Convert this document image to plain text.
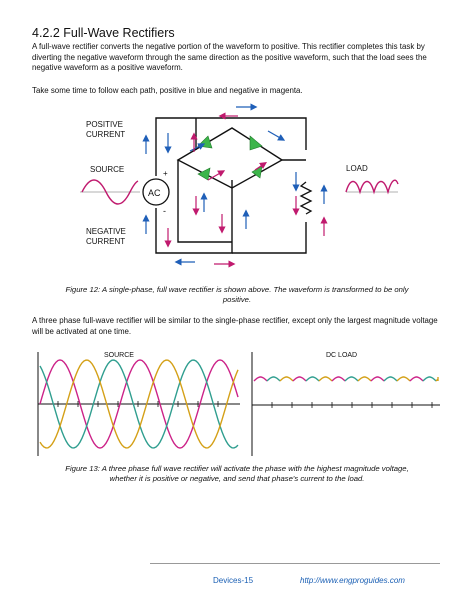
4.2.2 Full-Wave Rectifiers

A full-wave rectifier converts the negative portion of the waveform to positive. This rectifier completes this task by diverting the negative waveform through the same direction as the positive waveform, such that the load sees the negative waveform as a positive waveform.

Take some time to follow each path, positive in blue and negative in magenta.

AC
+
-
POSITIVE
CURRENT
SOURCE
NEGATIVE
CURRENT
LOAD
SOURCE	DC LOAD

Figure 12: A single-phase, full wave rectifier is shown above. The waveform is transformed to be only positive.

A three phase full-wave rectifier will be similar to the single-phase rectifier, except only the largest magnitude voltage will be activated at one time.

Figure 13: A three phase full wave rectifier will activate the phase with the highest magnitude voltage, whether it is positive or negative, and send that phase's current to the load.

Devices-15	http://www.engproguides.com
